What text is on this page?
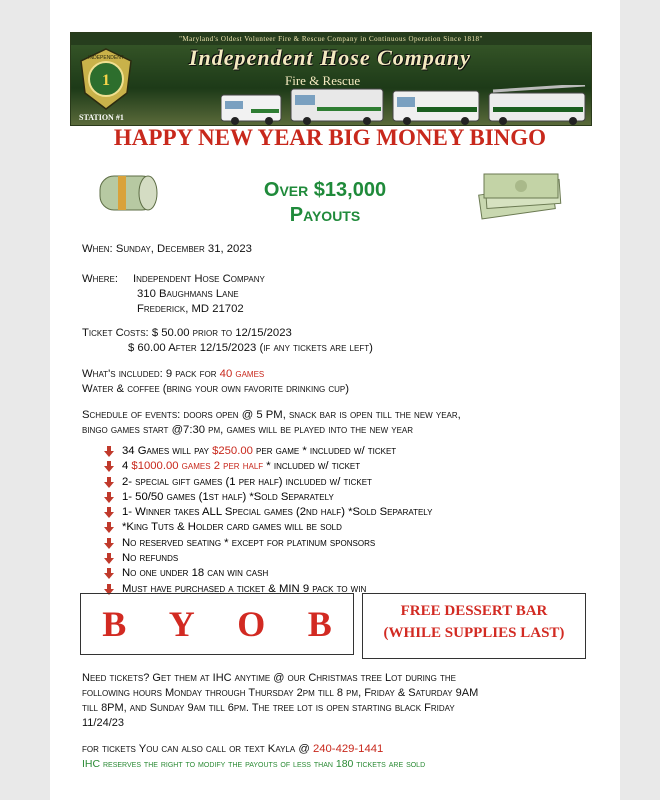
"Maryland's Oldest Volunteer Fire & Rescue Company in Continuous Operation Since 1818"
1
INDEPENDENT	Independent Hose Company
Fire & Rescue
STATION #1
HAPPY NEW YEAR BIG MONEY BINGO
Over $13,000
Payouts
When: Sunday, December 31, 2023
Where: Independent Hose Company
310 Baughmans Lane
Frederick, MD 21702
Ticket Costs: $ 50.00 prior to 12/15/2023
$ 60.00 After 12/15/2023 (if any tickets are left)
What's included: 9 pack for 40 games
Water & coffee (bring your own favorite drinking cup)
Schedule of events: doors open @ 5 PM, snack bar is open till the new year,
bingo games start @7:30 pm, games will be played into the new year
34 Games will pay $250.00 per game * included w/ ticket
4 $1000.00 games 2 per half * included w/ ticket
2- special gift games (1 per half) included w/ ticket
1- 50/50 games (1st half) *Sold Separately
1- Winner takes ALL Special games (2nd half) *Sold Separately
*King Tuts & Holder card games will be sold
No reserved seating * except for platinum sponsors
No refunds
No one under 18 can win cash
Must have purchased a ticket & MIN 9 pack to win
B Y O B	FREE DESSERT BAR
(WHILE SUPPLIES LAST)
Need tickets? Get them at IHC anytime @ our Christmas tree Lot during the
following hours Monday through Thursday 2pm till 8 pm, Friday & Saturday 9AM
till 8PM, and Sunday 9am till 6pm. The tree lot is open starting black Friday
11/24/23
for tickets You can also call or text Kayla @ 240-429-1441
IHC reserves the right to modify the payouts of less than 180 tickets are sold
